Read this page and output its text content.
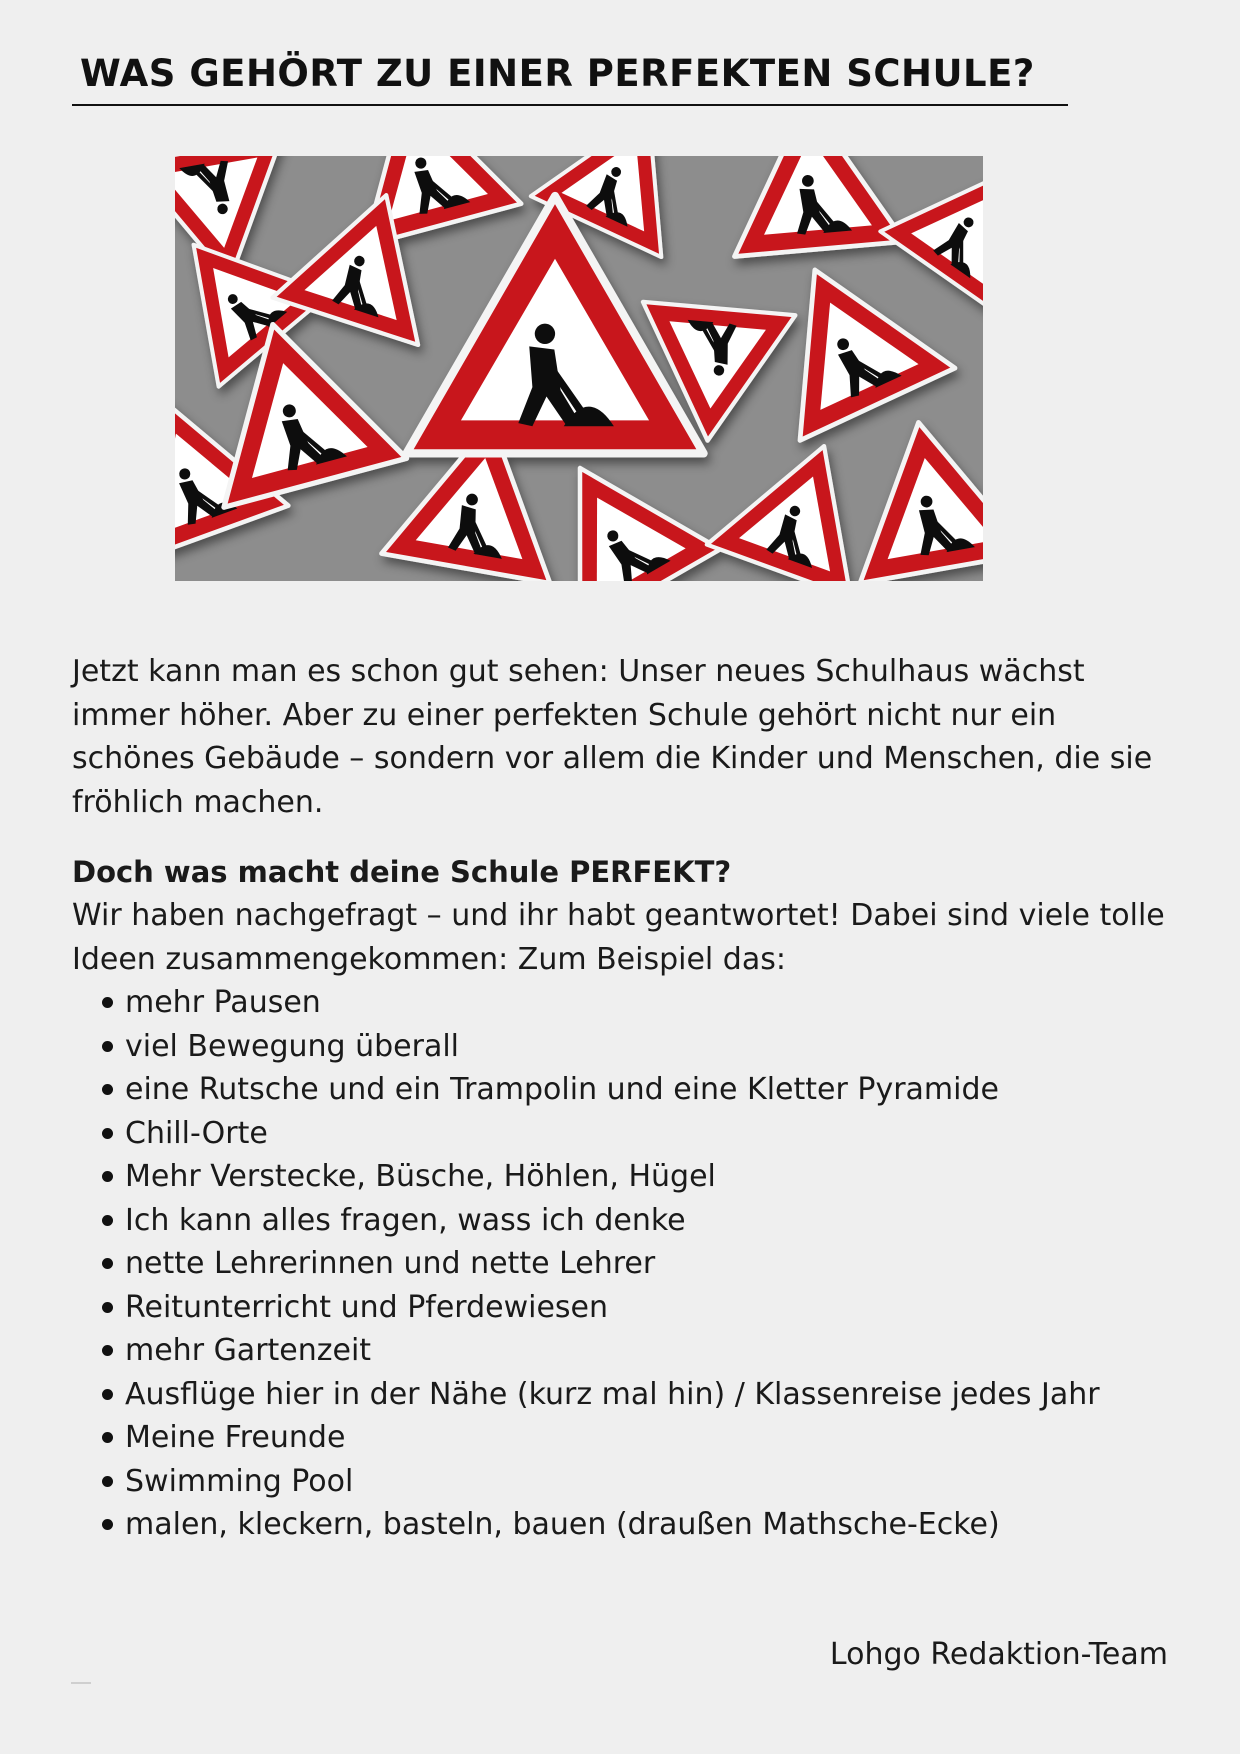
WAS GEHÖRT ZU EINER PERFEKTEN SCHULE?

Jetzt kann man es schon gut sehen: Unser neues Schulhaus wächst immer höher. Aber zu einer perfekten Schule gehört nicht nur ein schönes Gebäude – sondern vor allem die Kinder und Menschen, die sie fröhlich machen.

Doch was macht deine Schule PERFEKT?

Wir haben nachgefragt – und ihr habt geantwortet! Dabei sind viele tolle Ideen zusammengekommen: Zum Beispiel das:

mehr Pausen
viel Bewegung überall
eine Rutsche und ein Trampolin und eine Kletter Pyramide
Chill-Orte
Mehr Verstecke, Büsche, Höhlen, Hügel
Ich kann alles fragen, wass ich denke
nette Lehrerinnen und nette Lehrer
Reitunterricht und Pferdewiesen
mehr Gartenzeit
Ausflüge hier in der Nähe (kurz mal hin) / Klassenreise jedes Jahr
Meine Freunde
Swimming Pool
malen, kleckern, basteln, bauen (draußen Mathsche-Ecke)

Lohgo Redaktion-Team
